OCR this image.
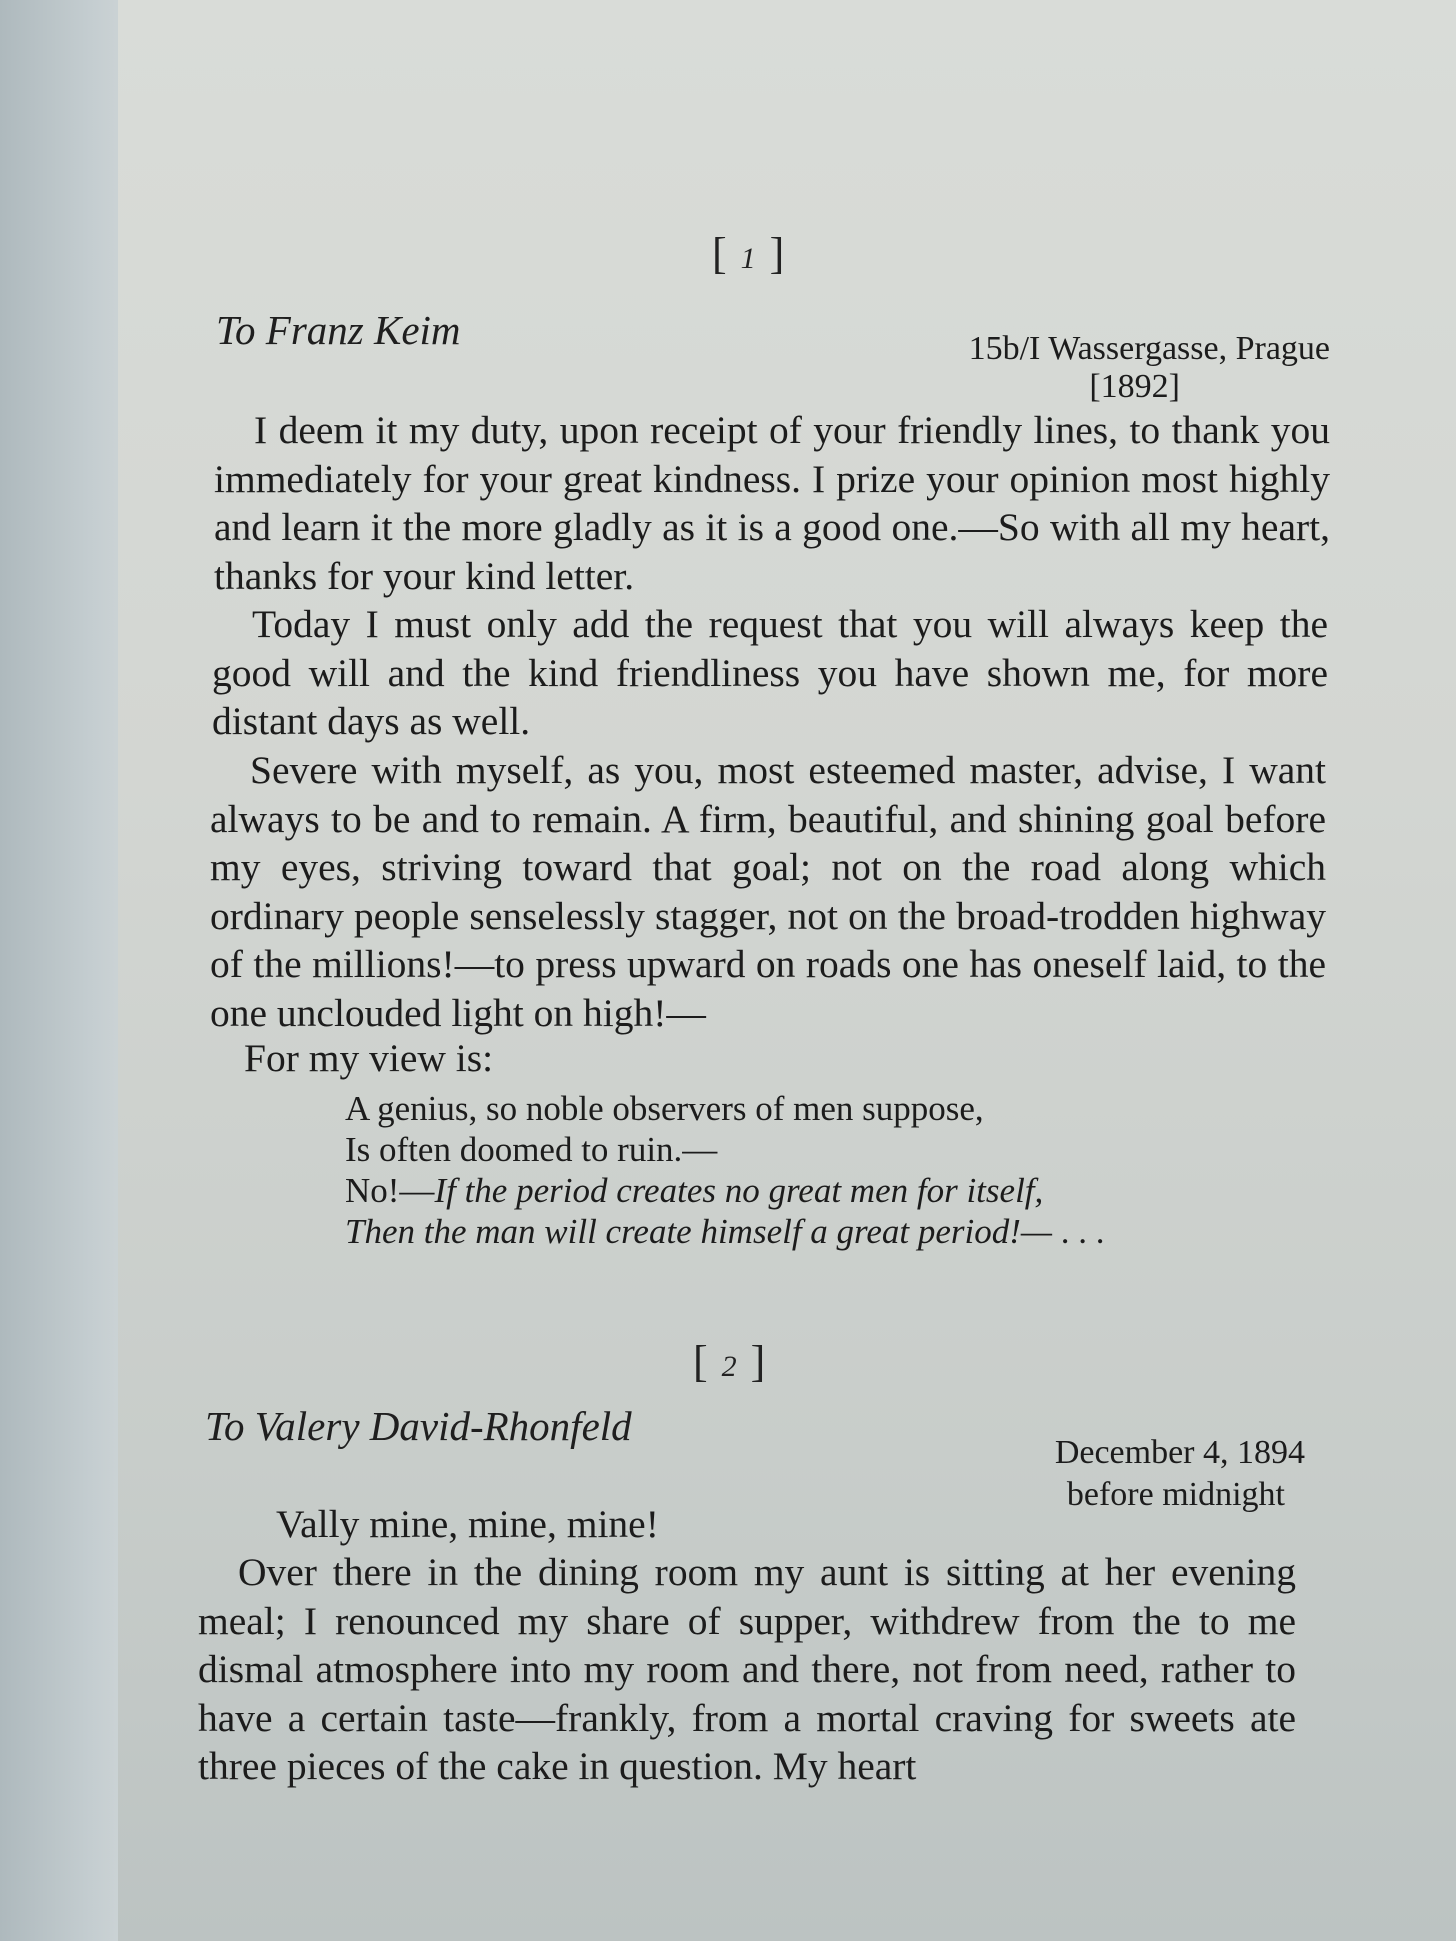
[1]
To Franz Keim	15b/I Wassergasse, Prague
[1892]

I deem it my duty, upon receipt of your friendly lines, to thank you immediately for your great kindness. I prize your opinion most highly and learn it the more gladly as it is a good one.—So with all my heart, thanks for your kind letter.

Today I must only add the request that you will always keep the good will and the kind friendliness you have shown me, for more distant days as well.

Severe with myself, as you, most esteemed master, advise, I want always to be and to remain. A firm, beautiful, and shining goal before my eyes, striving toward that goal; not on the road along which ordinary people senselessly stagger, not on the broad-trodden highway of the millions!—to press upward on roads one has oneself laid, to the one unclouded light on high!—

For my view is:
A genius, so noble observers of men suppose,
Is often doomed to ruin.—
No!—If the period creates no great men for itself,
Then the man will create himself a great period!— . . .
[2]
To Valery David-Rhonfeld
December 4, 1894
before midnight
Vally mine, mine, mine!

Over there in the dining room my aunt is sitting at her evening meal; I renounced my share of supper, withdrew from the to me dismal atmosphere into my room and there, not from need, rather to have a certain taste—frankly, from a mortal craving for sweets ate three pieces of the cake in question. My heart
